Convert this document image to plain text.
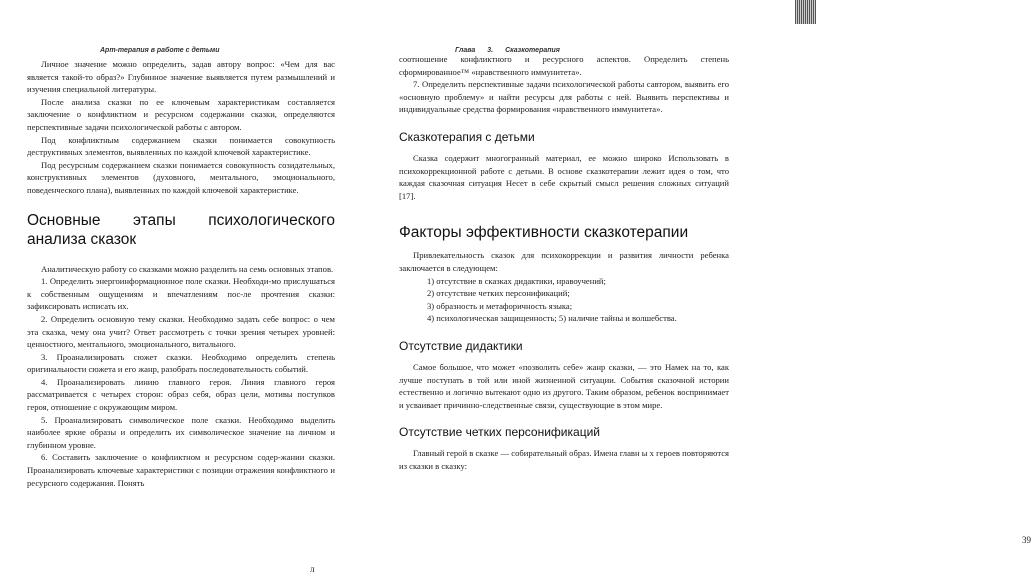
Арт-терапия в работе с детьми

Личное значение можно определить, задав автору вопрос: «Чем для вас является такой-то образ?» Глубинное значение выявляется путем размышлений и изучения специальной литературы.

После анализа сказки по ее ключевым характеристикам составляется заключение о конфликтном и ресурсном содержании сказки, определяются перспективные задачи психологической работы с автором.

Под конфликтным содержанием сказки понимается совокупность деструктивных элементов, выявленных по каждой ключевой характеристике.

Под ресурсным содержанием сказки понимается совокупность созидательных, конструктивных элементов (духовного, ментального, эмоционального, поведенческого плана), выявленных по каждой ключевой характеристике.

Основные этапы психологического анализа сказок

Аналитическую работу со сказками можно разделить на семь основных этапов.

1. Определить энергоинформационное поле сказки. Необходи-мо прислушаться к собственным ощущениям и впечатлениям пос-ле прочтения сказки: зафиксировать исписать их.

2. Определить основную тему сказки. Необходимо задать себе вопрос: о чем эта сказка, чему она учит? Ответ рассмотреть с точки зрения четырех уровней: ценностного, ментального, эмоционального, витального.

3. Проанализировать сюжет сказки. Необходимо определить степень оригинальности сюжета и его жанр, разобрать последовательность событий.

4. Проанализировать линию главного героя. Линия главного героя рассматривается с четырех сторон: образ себя, образ цели, мотивы поступков героя, отношение с окружающим миром.

5. Проанализировать символическое поле сказки. Необходимо выделить наиболее яркие образы и определить их символическое значение на личном и глубинном уровне.

6. Составить заключение о конфликтном и ресурсном содер-жании сказки. Проанализировать ключевые характеристики с позиции отражения конфликтного и ресурсного содержания. Понять

л
Глава 3. Сказкотерапия

соотношение конфликтного и ресурсного аспектов. Определить степень сформированное™ «нравственного иммунитета».

7. Определить перспективные задачи психологической работы савтором, выявить его «основную проблему» и найти ресурсы для работы с ней. Выявить перспективы и индивидуальные средства формирования «нравственного иммунитета».

Сказкотерапия с детьми

Сказка содержит многогранный материал, ее можно широко Использовать в психокоррекционной работе с детьми. В основе сказкотерапии лежит идея о том, что каждая сказочная ситуация Несет в себе скрытый смысл решения сложных ситуаций [17].

Факторы эффективности сказкотерапии

Привлекательность сказок для психокоррекции и развития личности ребенка заключается в следующем:

1) отсутствие в сказках дидактики, нравоучений;

2) отсутствие четких персонификаций;

3) образность и метафоричность языка;

4) психологическая защищенность; 5) наличие тайны и волшебства.

Отсутствие дидактики

Самое большое, что может «позволить себе» жанр сказки, — это Намек на то, как лучше поступать в той или иной жизненной ситуации. События сказочной истории естественно и логично вытекают одно из другого. Таким образом, ребенок воспринимает и усваивает причинно-следственные связи, существующие в этом мире.

Отсутствие четких персонификаций

Главный герой в сказке — собирательный образ. Имена главн ы х героев повторяются из сказки в сказку:

39
